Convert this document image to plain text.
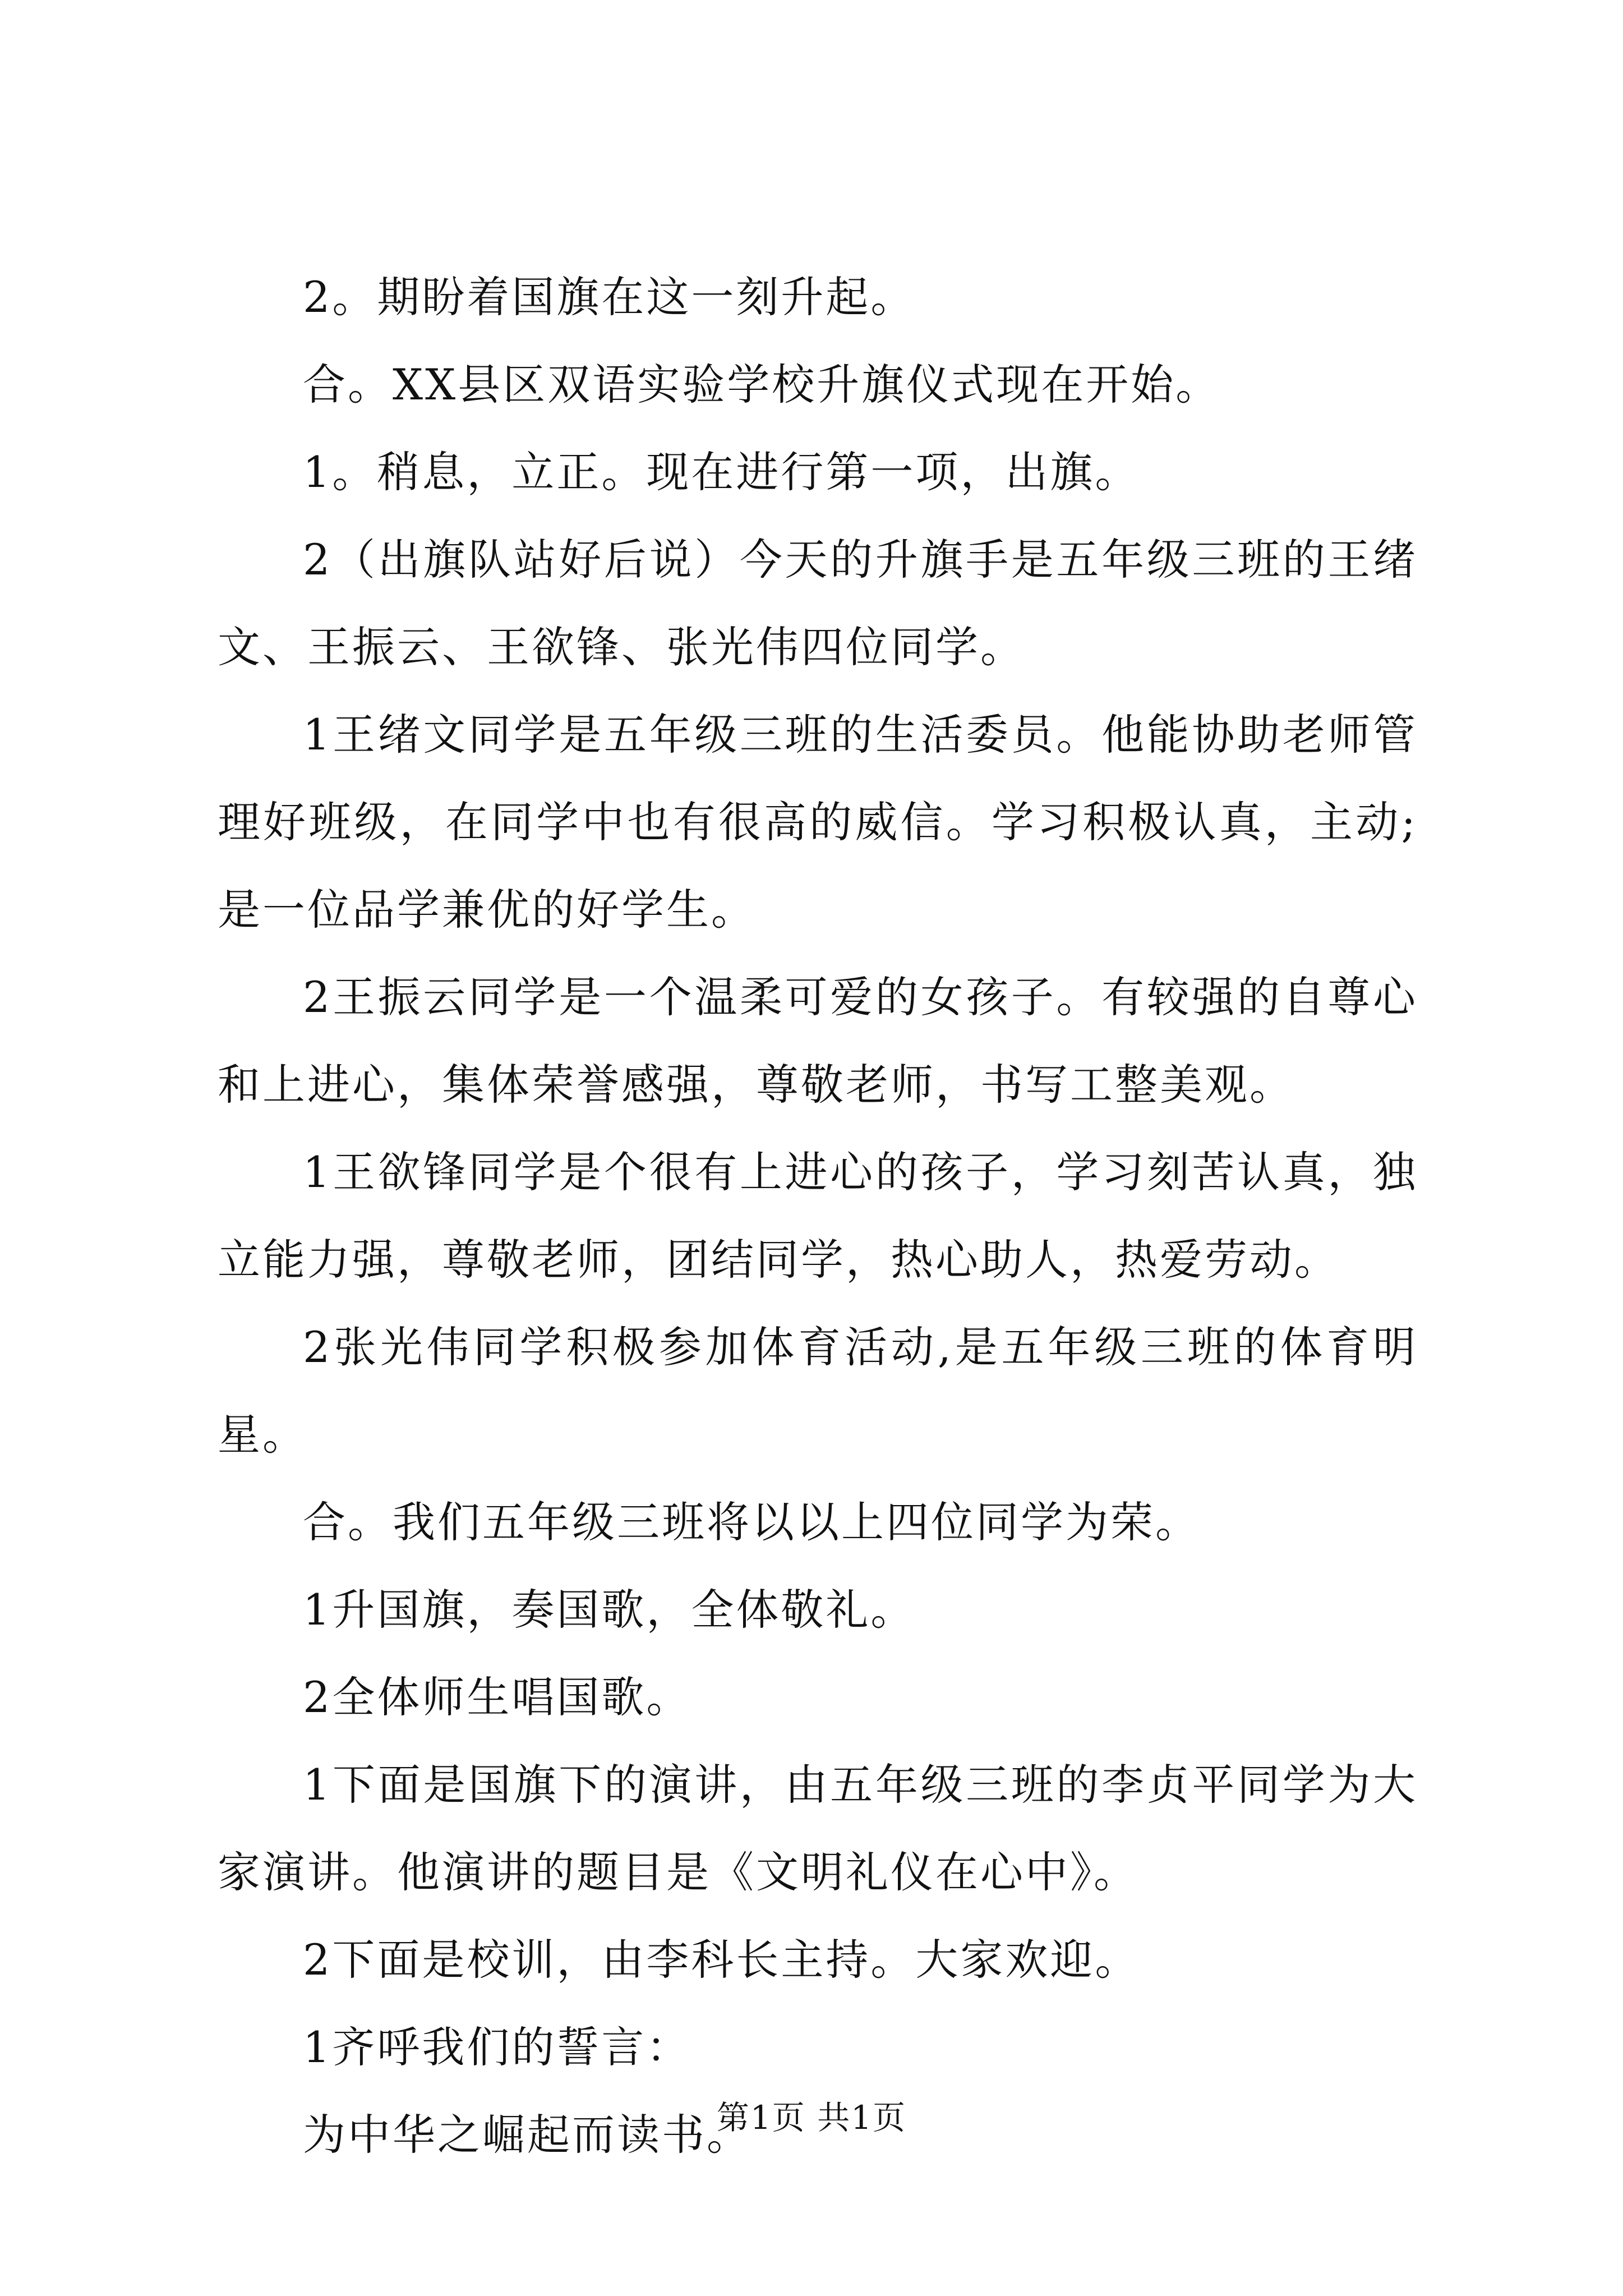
2。期盼着国旗在这一刻升起。

合。XX县区双语实验学校升旗仪式现在开始。

1。稍息，立正。现在进行第一项，出旗。

2（出旗队站好后说）今天的升旗手是五年级三班的王绪文、王振云、王欲锋、张光伟四位同学。

1王绪文同学是五年级三班的生活委员。他能协助老师管理好班级，在同学中也有很高的威信。学习积极认真，主动;是一位品学兼优的好学生。

2王振云同学是一个温柔可爱的女孩子。有较强的自尊心和上进心，集体荣誉感强，尊敬老师，书写工整美观。

1王欲锋同学是个很有上进心的孩子，学习刻苦认真，独立能力强，尊敬老师，团结同学，热心助人，热爱劳动。

2张光伟同学积极参加体育活动,是五年级三班的体育明星。

合。我们五年级三班将以以上四位同学为荣。

1升国旗，奏国歌，全体敬礼。

2全体师生唱国歌。

1下面是国旗下的演讲，由五年级三班的李贞平同学为大家演讲。他演讲的题目是《文明礼仪在心中》。

2下面是校训，由李科长主持。大家欢迎。

1齐呼我们的誓言：

为中华之崛起而读书。

第1页 共1页
